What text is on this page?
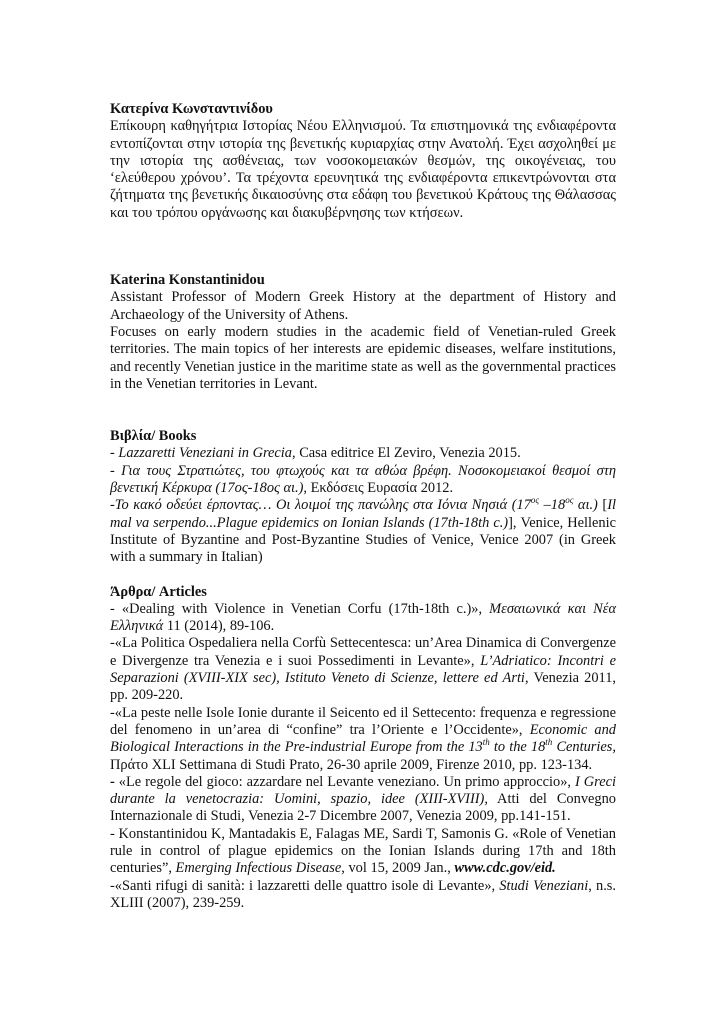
Κατερίνα Κωνσταντινίδου

Επίκουρη καθηγήτρια Ιστορίας Νέου Ελληνισμού. Τα επιστημονικά της ενδιαφέροντα εντοπίζονται στην ιστορία της βενετικής κυριαρχίας στην Ανατολή. Έχει ασχοληθεί με την ιστορία της ασθένειας, των νοσοκομειακών θεσμών, της οικογένειας, του ‘ελεύθερου χρόνου’. Τα τρέχοντα ερευνητικά της ενδιαφέροντα επικεντρώνονται στα ζήτηματα της βενετικής δικαιοσύνης στα εδάφη του βενετικού Κράτους της Θάλασσας και του τρόπου οργάνωσης και διακυβέρνησης των κτήσεων.

Katerina Konstantinidou

Assistant Professor of Modern Greek History at the department of History and Archaeology of the University of Athens.

Focuses on early modern studies in the academic field of Venetian-ruled Greek territories. The main topics of her interests are epidemic diseases, welfare institutions, and recently Venetian justice in the maritime state as well as the governmental practices in the Venetian territories in Levant.

Βιβλία/ Books

- Lazzaretti Veneziani in Grecia, Casa editrice El Zeviro, Venezia 2015.

- Για τους Στρατιώτες, του φτωχούς και τα αθώα βρέφη. Νοσοκομειακοί θεσμοί στη βενετική Κέρκυρα (17ος-18ος αι.), Εκδόσεις Ευρασία 2012.

-Το κακό οδεύει έρποντας… Οι λοιμοί της πανώλης στα Ιόνια Νησιά ($17^{o\varsigma}$ $-18^{o\varsigma}$ αι.) [Il mal va serpendo...Plague epidemics on Ionian Islands (17th-18th c.)], Venice, Hellenic Institute of Byzantine and Post-Byzantine Studies of Venice, Venice 2007 (in Greek with a summary in Italian)

Άρθρα/ Articles

- «Dealing with Violence in Venetian Corfu (17th-18th c.)», Μεσαιωνικά και Νέα Ελληνικά 11 (2014), 89-106.

-«La Politica Ospedaliera nella Corfù Settecentesca: un’Area Dinamica di Convergenze e Divergenze tra Venezia e i suoi Possedimenti in Levante», L’Adriatico: Incontri e Separazioni (XVIII-XIX sec), Istituto Veneto di Scienze, lettere ed Arti, Venezia 2011, pp. 209-220.

-«La peste nelle Isole Ionie durante il Seicento ed il Settecento: frequenza e regressione del fenomeno in un’area di “confine” tra l’Oriente e l’Occidente», Economic and Biological Interactions in the Pre-industrial Europe from the 13th to the 18th Centuries, Πράτο XLI Settimana di Studi Prato, 26-30 aprile 2009, Firenze 2010, pp. 123-134.

- «Le regole del gioco: azzardare nel Levante veneziano. Un primo approccio», I Greci durante la venetocrazia: Uomini, spazio, idee (XIII-XVIII), Atti del Convegno Internazionale di Studi, Venezia 2-7 Dicembre 2007, Venezia 2009, pp.141-151.

- Konstantinidou K, Mantadakis E, Falagas ME, Sardi T, Samonis G. «Role of Venetian rule in control of plague epidemics on the Ionian Islands during 17th and 18th centuries”, Emerging Infectious Disease, vol 15, 2009 Jan., www.cdc.gov/eid.

-«Santi rifugi di sanità: i lazzaretti delle quattro isole di Levante», Studi Veneziani, n.s. XLIII (2007), 239-259.
